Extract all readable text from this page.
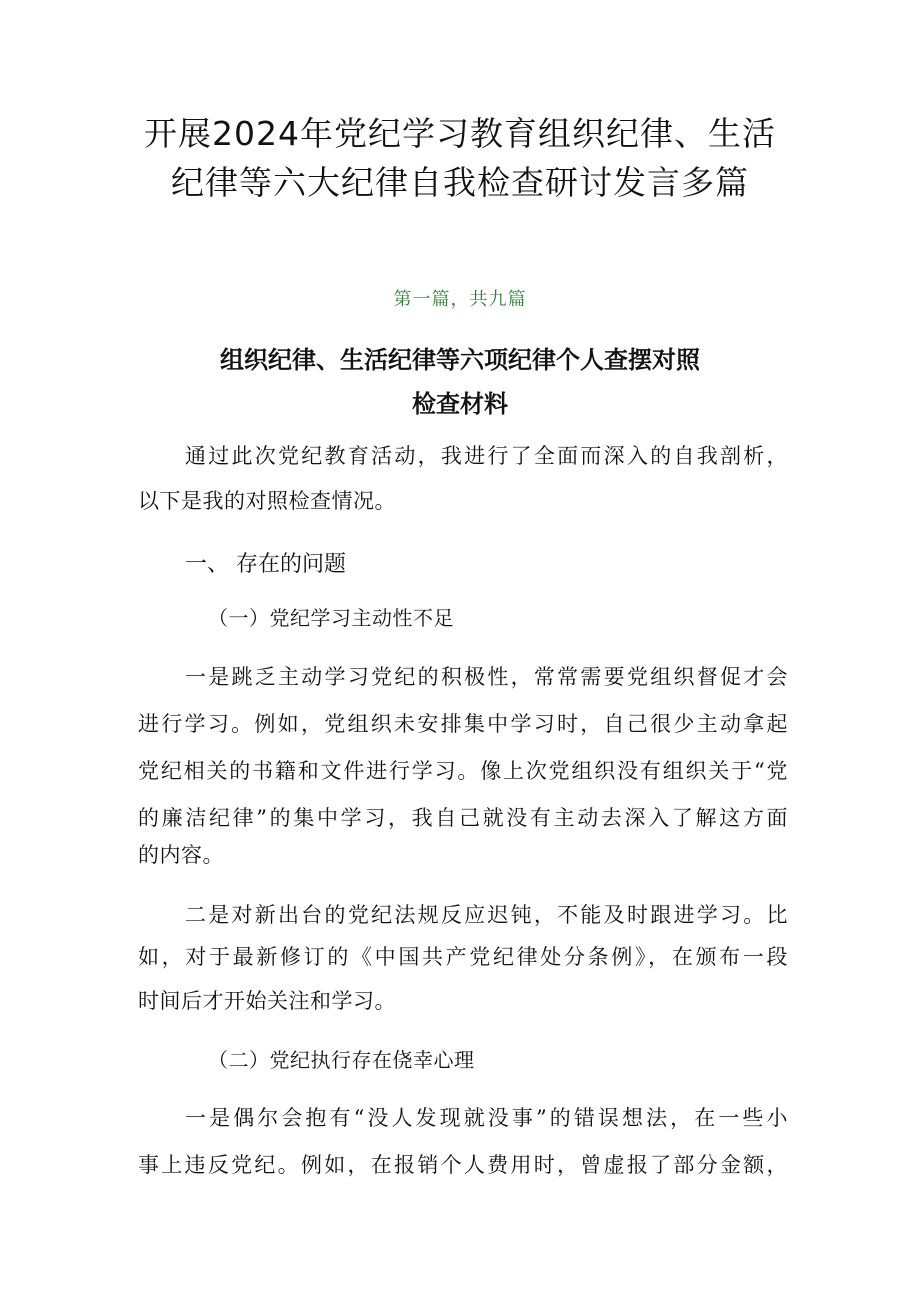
开展2024年党纪学习教育组织纪律、生活
纪律等六大纪律自我检查研讨发言多篇
第一篇，共九篇
组织纪律、生活纪律等六项纪律个人查摆对照
检查材料
通过此次党纪教育活动，我进行了全面而深入的自我剖析，
以下是我的对照检查情况。
一、 存在的问题
（一）党纪学习主动性不足
一是跳乏主动学习党纪的积极性，常常需要党组织督促才会
进行学习。例如，党组织未安排集中学习时，自己很少主动拿起
党纪相关的书籍和文件进行学习。像上次党组织没有组织关于“党
的廉洁纪律”的集中学习，我自己就没有主动去深入了解这方面
的内容。
二是对新出台的党纪法规反应迟钝，不能及时跟进学习。比
如，对于最新修订的《中国共产党纪律处分条例》，在颁布一段
时间后才开始关注和学习。
（二）党纪执行存在侥幸心理
一是偶尔会抱有“没人发现就没事”的错误想法，在一些小
事上违反党纪。例如，在报销个人费用时，曾虚报了部分金额，
